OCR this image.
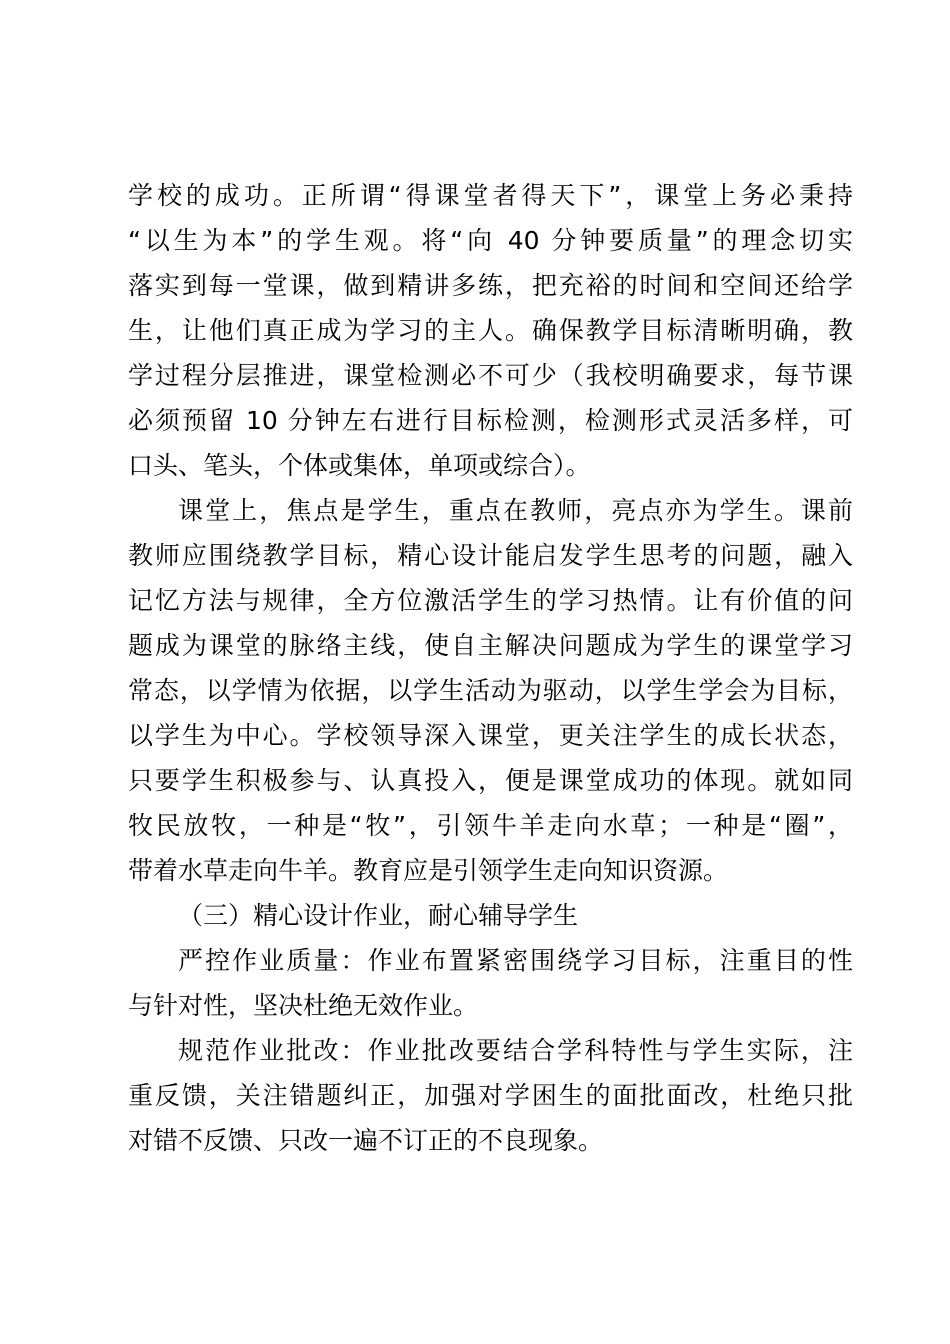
学校的成功。正所谓“得课堂者得天下”，课堂上务必秉持
“以生为本”的学生观。将“向 40 分钟要质量”的理念切实
落实到每一堂课，做到精讲多练，把充裕的时间和空间还给学
生，让他们真正成为学习的主人。确保教学目标清晰明确，教
学过程分层推进，课堂检测必不可少（我校明确要求，每节课
必须预留 10 分钟左右进行目标检测，检测形式灵活多样，可
口头、笔头，个体或集体，单项或综合）。
课堂上，焦点是学生，重点在教师，亮点亦为学生。课前
教师应围绕教学目标，精心设计能启发学生思考的问题，融入
记忆方法与规律，全方位激活学生的学习热情。让有价值的问
题成为课堂的脉络主线，使自主解决问题成为学生的课堂学习
常态，以学情为依据，以学生活动为驱动，以学生学会为目标，
以学生为中心。学校领导深入课堂，更关注学生的成长状态，
只要学生积极参与、认真投入，便是课堂成功的体现。就如同
牧民放牧，一种是“牧”，引领牛羊走向水草；一种是“圈”，
带着水草走向牛羊。教育应是引领学生走向知识资源。
（三）精心设计作业，耐心辅导学生
严控作业质量：作业布置紧密围绕学习目标，注重目的性
与针对性，坚决杜绝无效作业。
规范作业批改：作业批改要结合学科特性与学生实际，注
重反馈，关注错题纠正，加强对学困生的面批面改，杜绝只批
对错不反馈、只改一遍不订正的不良现象。
